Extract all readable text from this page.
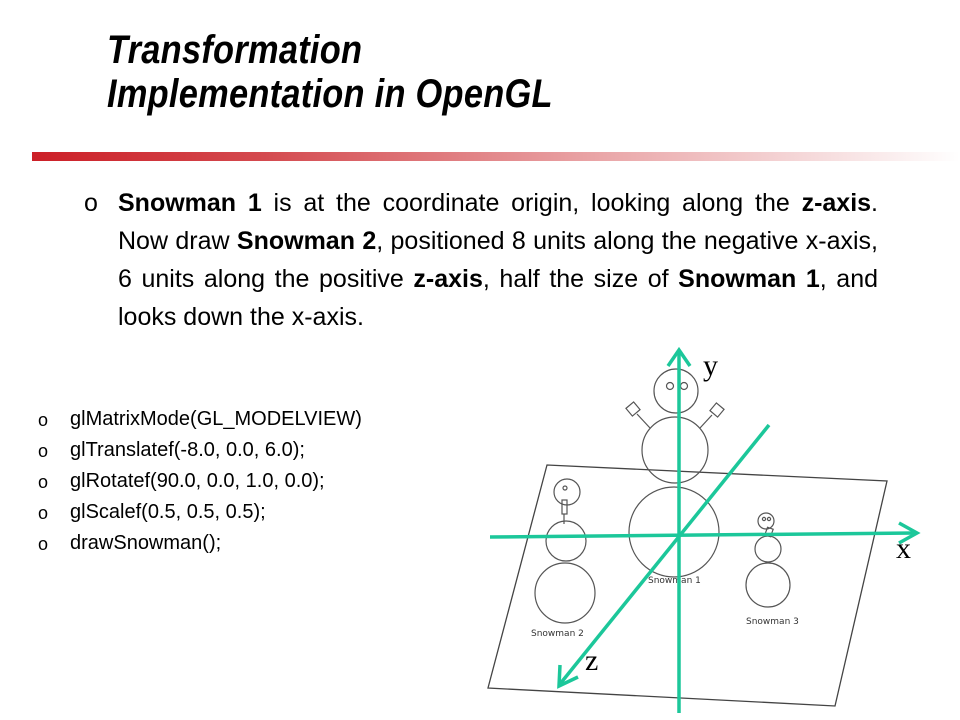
Transformation
Implementation in OpenGL
o Snowman 1 is at the coordinate origin, looking along the z-axis. Now draw Snowman 2, positioned 8 units along the negative x-axis, 6 units along the positive z-axis, half the size of Snowman 1, and looks down the x-axis.
o glMatrixMode(GL_MODELVIEW)
o glTranslatef(-8.0, 0.0, 6.0);
o glRotatef(90.0, 0.0, 1.0, 0.0);
o glScalef(0.5, 0.5, 0.5);
o drawSnowman();
Snowman 1
Snowman 2
Snowman 3
y
x
z
